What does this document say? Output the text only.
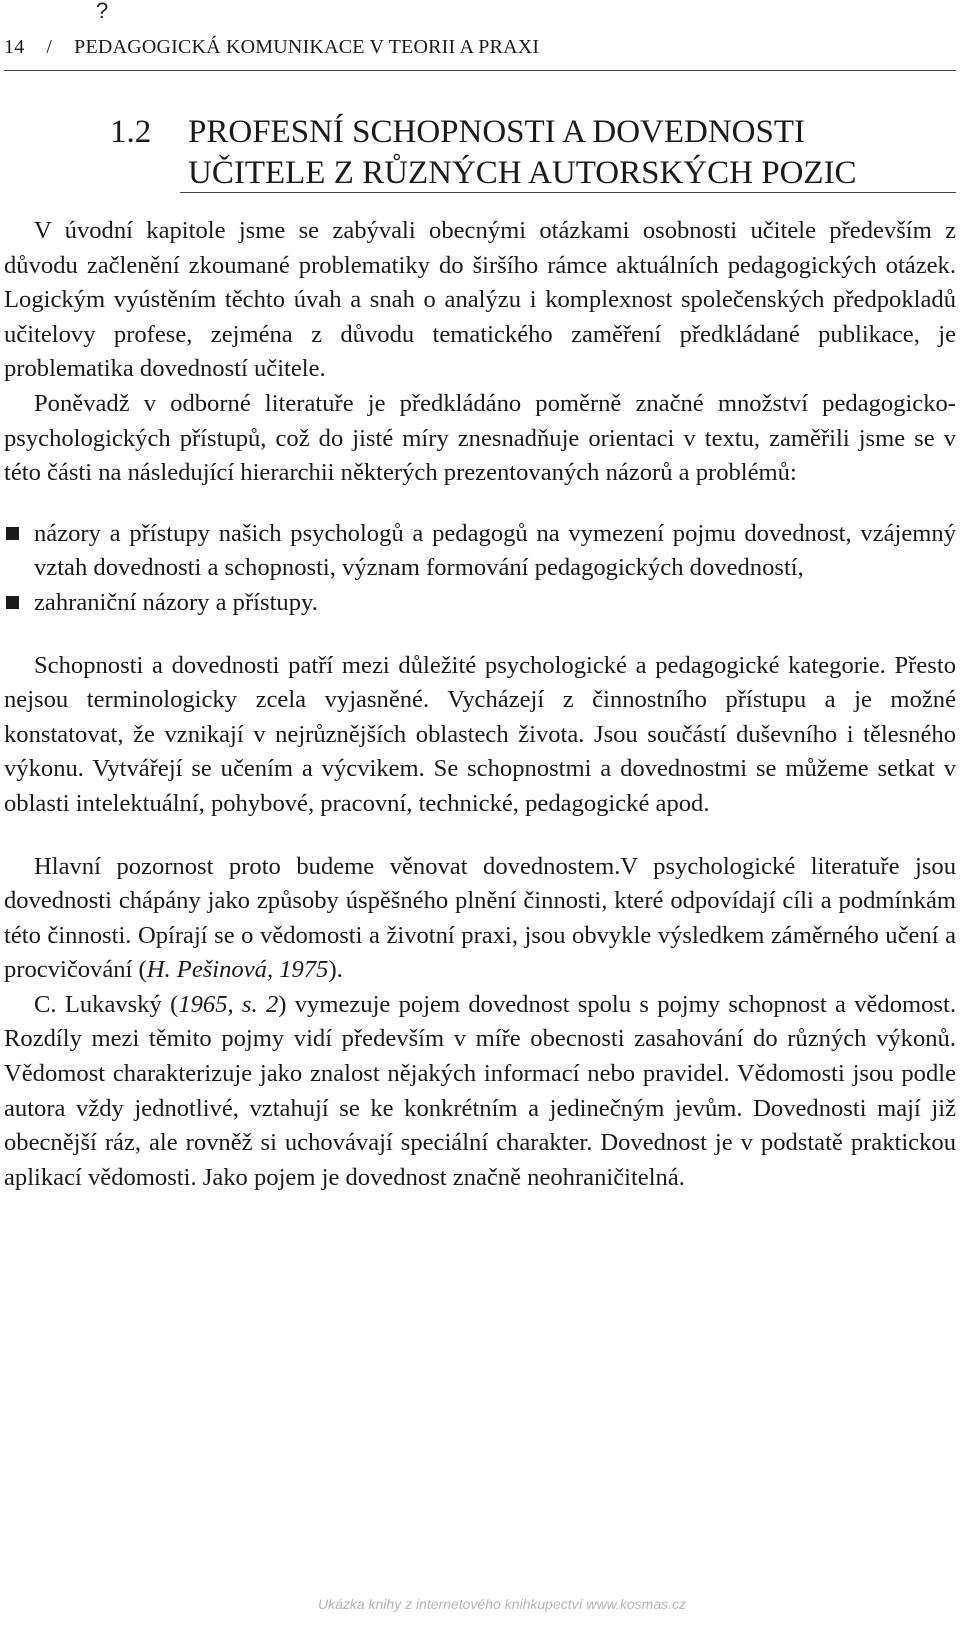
?
14 / PEDAGOGICKÁ KOMUNIKACE V TEORII A PRAXI
1.2	PROFESNÍ SCHOPNOSTI A DOVEDNOSTI
UČITELE Z RŮZNÝCH AUTORSKÝCH POZIC

V úvodní kapitole jsme se zabývali obecnými otázkami osobnosti učitele především z důvodu začlenění zkoumané problematiky do širšího rámce aktuálních pedagogických otázek. Logickým vyústěním těchto úvah a snah o analýzu i komplexnost společenských předpokladů učitelovy profese, zejména z důvodu tematického zaměření předkládané publikace, je problematika dovedností učitele.

Poněvadž v odborné literatuře je předkládáno poměrně značné množství pedagogicko-psychologických přístupů, což do jisté míry znesnadňuje orientaci v textu, zaměřili jsme se v této části na následující hierarchii některých prezentovaných názorů a problémů:

názory a přístupy našich psychologů a pedagogů na vymezení pojmu dovednost, vzájemný vztah dovednosti a schopnosti, význam formování pedagogických dovedností,
zahraniční názory a přístupy.

Schopnosti a dovednosti patří mezi důležité psychologické a pedagogické kategorie. Přesto nejsou terminologicky zcela vyjasněné. Vycházejí z činnostního přístupu a je možné konstatovat, že vznikají v nejrůznějších oblastech života. Jsou součástí duševního i tělesného výkonu. Vytvářejí se učením a výcvikem. Se schopnostmi a dovednostmi se můžeme setkat v oblasti intelektuální, pohybové, pracovní, technické, pedagogické apod.

Hlavní pozornost proto budeme věnovat dovednostem.V psychologické literatuře jsou dovednosti chápány jako způsoby úspěšného plnění činnosti, které odpovídají cíli a podmínkám této činnosti. Opírají se o vědomosti a životní praxi, jsou obvykle výsledkem záměrného učení a procvičování (H. Pešinová, 1975).

C. Lukavský (1965, s. 2) vymezuje pojem dovednost spolu s pojmy schopnost a vědomost. Rozdíly mezi těmito pojmy vidí především v míře obecnosti zasahování do různých výkonů. Vědomost charakterizuje jako znalost nějakých informací nebo pravidel. Vědomosti jsou podle autora vždy jednotlivé, vztahují se ke konkrétním a jedinečným jevům. Dovednosti mají již obecnější ráz, ale rovněž si uchovávají speciální charakter. Dovednost je v podstatě praktickou aplikací vědomosti. Jako pojem je dovednost značně neohraničitelná.

Ukázka knihy z internetového knihkupectví www.kosmas.cz
